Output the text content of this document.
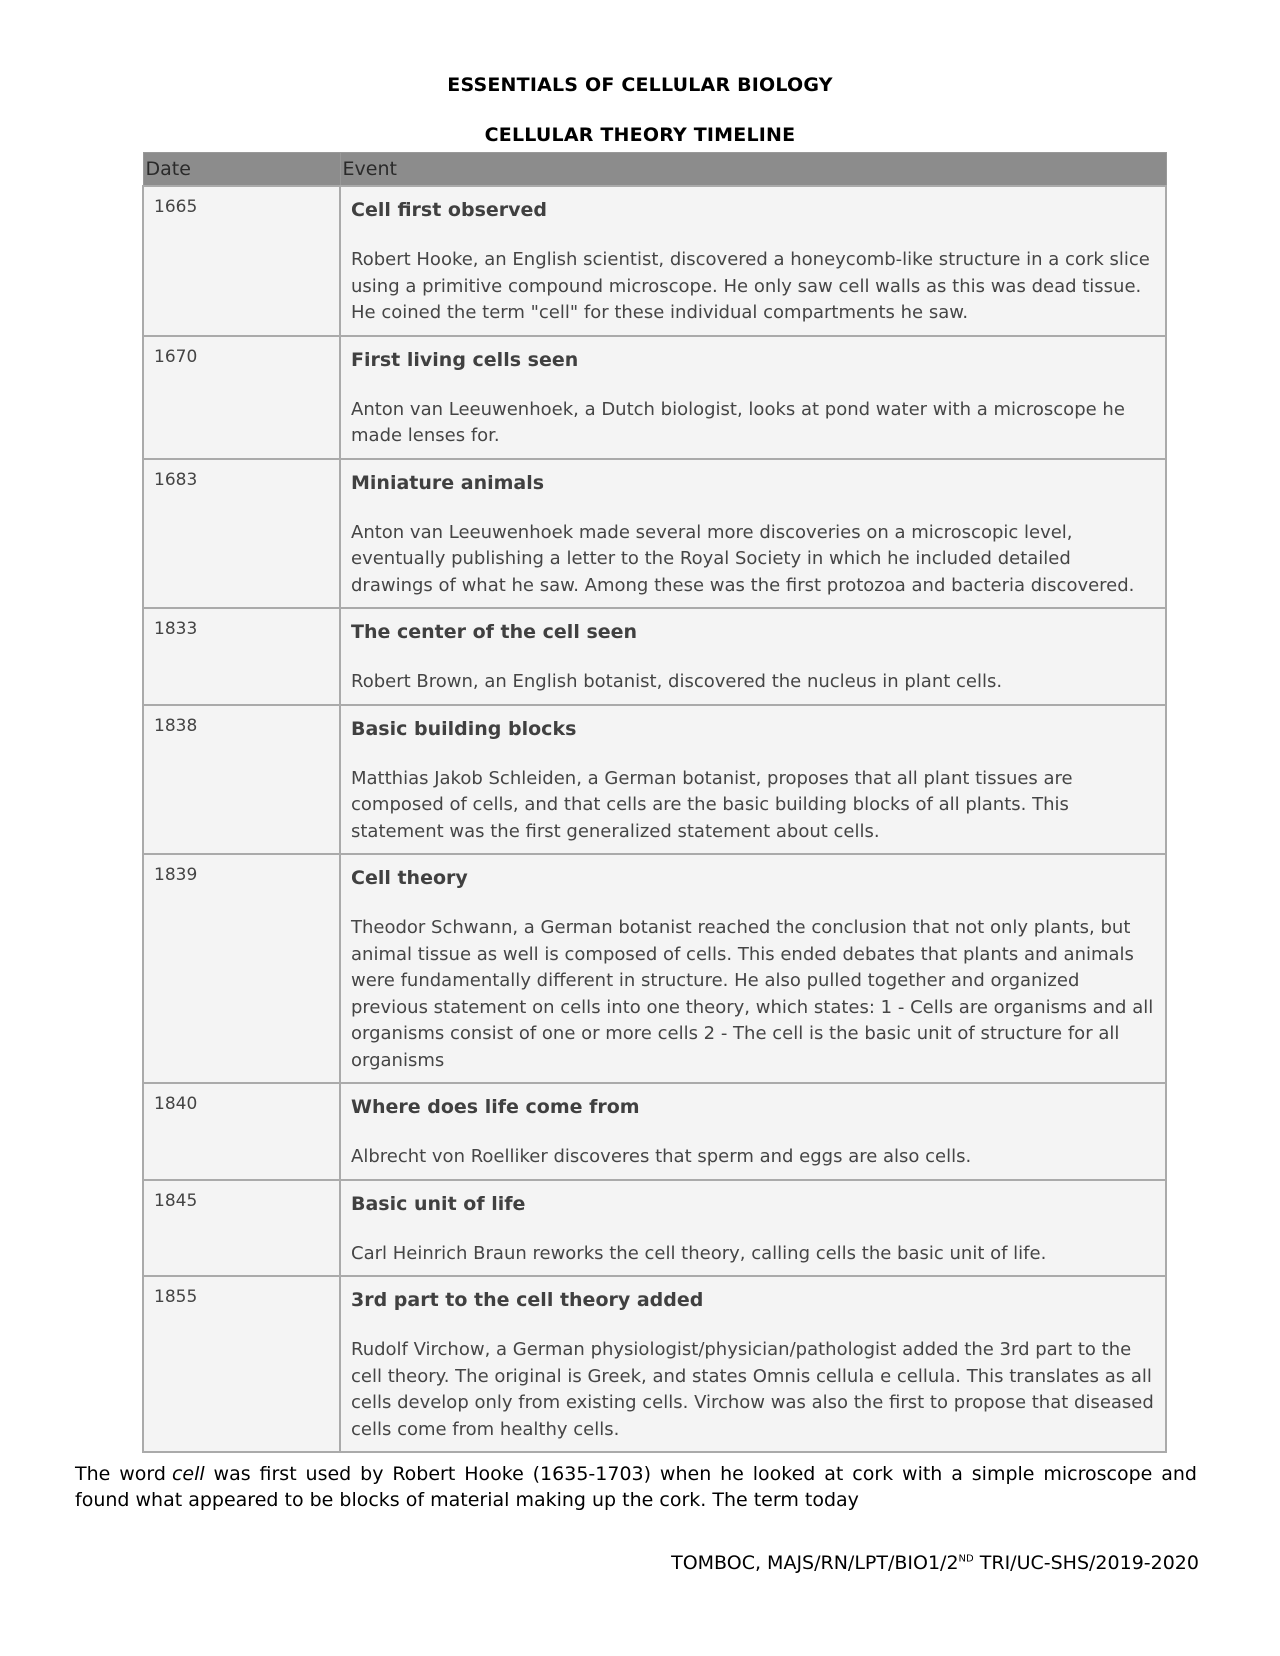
ESSENTIALS OF CELLULAR BIOLOGY
CELLULAR THEORY TIMELINE
Date	Event
1665	Cell first observed

Robert Hooke, an English scientist, discovered a honeycomb-like structure in a cork slice using a primitive compound microscope. He only saw cell walls as this was dead tissue. He coined the term "cell" for these individual compartments he saw.

1670	First living cells seen

Anton van Leeuwenhoek, a Dutch biologist, looks at pond water with a microscope he made lenses for.

1683	Miniature animals

Anton van Leeuwenhoek made several more discoveries on a microscopic level, eventually publishing a letter to the Royal Society in which he included detailed drawings of what he saw. Among these was the first protozoa and bacteria discovered.

1833	The center of the cell seen

Robert Brown, an English botanist, discovered the nucleus in plant cells.

1838	Basic building blocks

Matthias Jakob Schleiden, a German botanist, proposes that all plant tissues are composed of cells, and that cells are the basic building blocks of all plants. This statement was the first generalized statement about cells.

1839	Cell theory

Theodor Schwann, a German botanist reached the conclusion that not only plants, but animal tissue as well is composed of cells. This ended debates that plants and animals were fundamentally different in structure. He also pulled together and organized previous statement on cells into one theory, which states: 1 - Cells are organisms and all organisms consist of one or more cells 2 - The cell is the basic unit of structure for all organisms

1840	Where does life come from

Albrecht von Roelliker discoveres that sperm and eggs are also cells.

1845	Basic unit of life

Carl Heinrich Braun reworks the cell theory, calling cells the basic unit of life.

1855	3rd part to the cell theory added

Rudolf Virchow, a German physiologist/physician/pathologist added the 3rd part to the cell theory. The original is Greek, and states Omnis cellula e cellula. This translates as all cells develop only from existing cells. Virchow was also the first to propose that diseased cells come from healthy cells.

The word cell was first used by Robert Hooke (1635-1703) when he looked at cork with a simple microscope and found what appeared to be blocks of material making up the cork. The term today
TOMBOC, MAJS/RN/LPT/BIO1/2ND TRI/UC-SHS/2019-2020
